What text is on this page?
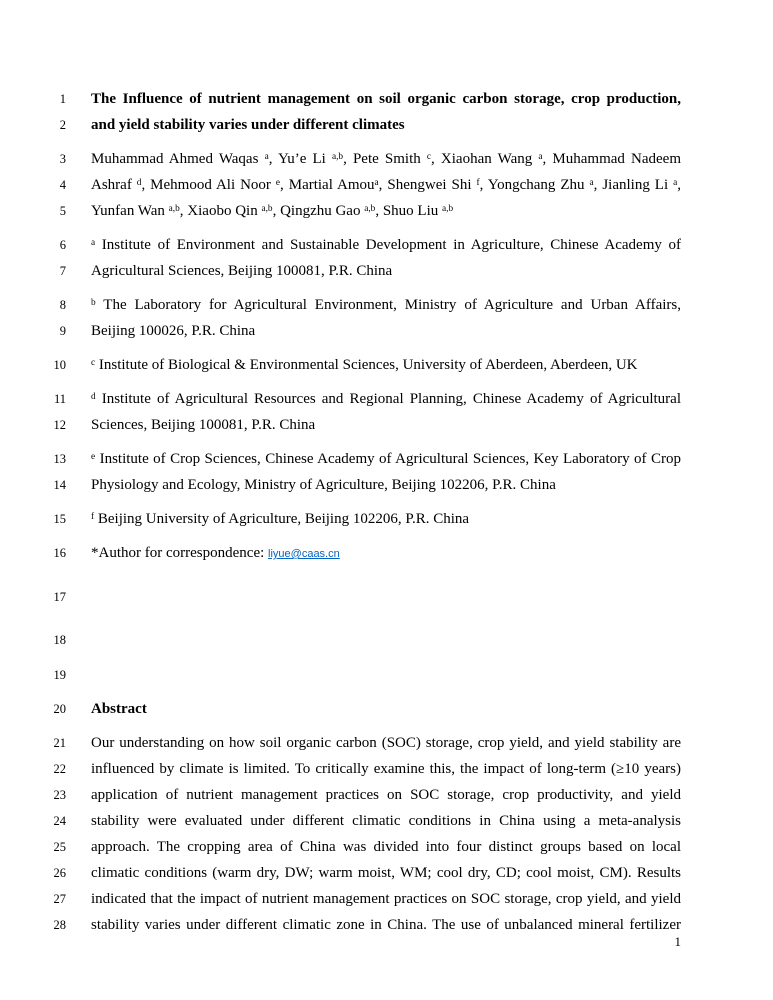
1 The Influence of nutrient management on soil organic carbon storage, crop production,
2 and yield stability varies under different climates
3 Muhammad Ahmed Waqas $^a$, Yu’e Li $^{a,b}$, Pete Smith $^c$, Xiaohan Wang $^a$, Muhammad Nadeem
4 Ashraf $^d$, Mehmood Ali Noor $^e$, Martial Amou$^a$, Shengwei Shi $^f$, Yongchang Zhu $^a$, Jianling Li $^a$,
5 Yunfan Wan $^{a,b}$, Xiaobo Qin $^{a,b}$, Qingzhu Gao $^{a,b}$, Shuo Liu $^{a,b}$
6	$^a$ Institute of Environment and Sustainable Development in Agriculture, Chinese Academy of
7 Agricultural Sciences, Beijing 100081, P.R. China
8	$^b$ The Laboratory for Agricultural Environment, Ministry of Agriculture and Urban Affairs,
9 Beijing 100026, P.R. China
10	$^c$ Institute of Biological & Environmental Sciences, University of Aberdeen, Aberdeen, UK
11	$^d$ Institute of Agricultural Resources and Regional Planning, Chinese Academy of Agricultural
12 Sciences, Beijing 100081, P.R. China
13	$^e$ Institute of Crop Sciences, Chinese Academy of Agricultural Sciences, Key Laboratory of Crop
14 Physiology and Ecology, Ministry of Agriculture, Beijing 102206, P.R. China
15	$^f$ Beijing University of Agriculture, Beijing 102206, P.R. China
16 *Author for correspondence: liyue@caas.cn
17
18
19
20 Abstract
21 Our understanding on how soil organic carbon (SOC) storage, crop yield, and yield stability are
22 influenced by climate is limited. To critically examine this, the impact of long-term (≥10 years)
23 application of nutrient management practices on SOC storage, crop productivity, and yield
24 stability were evaluated under different climatic conditions in China using a meta-analysis
25 approach. The cropping area of China was divided into four distinct groups based on local
26 climatic conditions (warm dry, DW; warm moist, WM; cool dry, CD; cool moist, CM). Results
27 indicated that the impact of nutrient management practices on SOC storage, crop yield, and yield
28 stability varies under different climatic zone in China. The use of unbalanced mineral fertilizer
1
